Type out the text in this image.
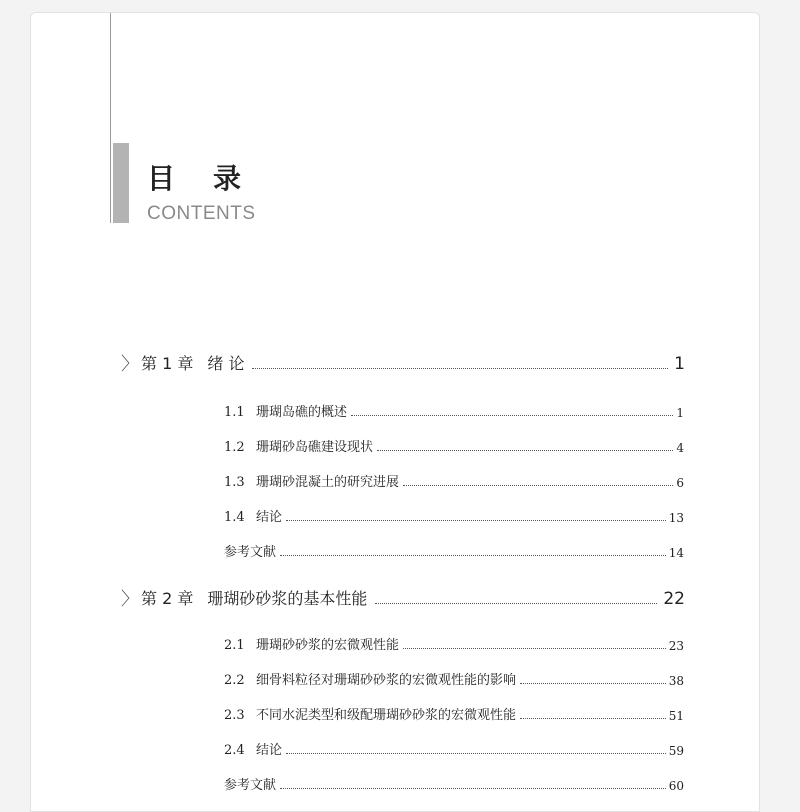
目录
CONTENTS
〉 第 1 章 绪 论	1
1.1 珊瑚岛礁的概述	1
1.2 珊瑚砂岛礁建设现状	4
1.3 珊瑚砂混凝土的研究进展	6
1.4 结论	13
参考文献	14
〉 第 2 章 珊瑚砂砂浆的基本性能	22
2.1 珊瑚砂砂浆的宏微观性能	23
2.2 细骨料粒径对珊瑚砂砂浆的宏微观性能的影响	38
2.3 不同水泥类型和级配珊瑚砂砂浆的宏微观性能	51
2.4 结论	59
参考文献	60
